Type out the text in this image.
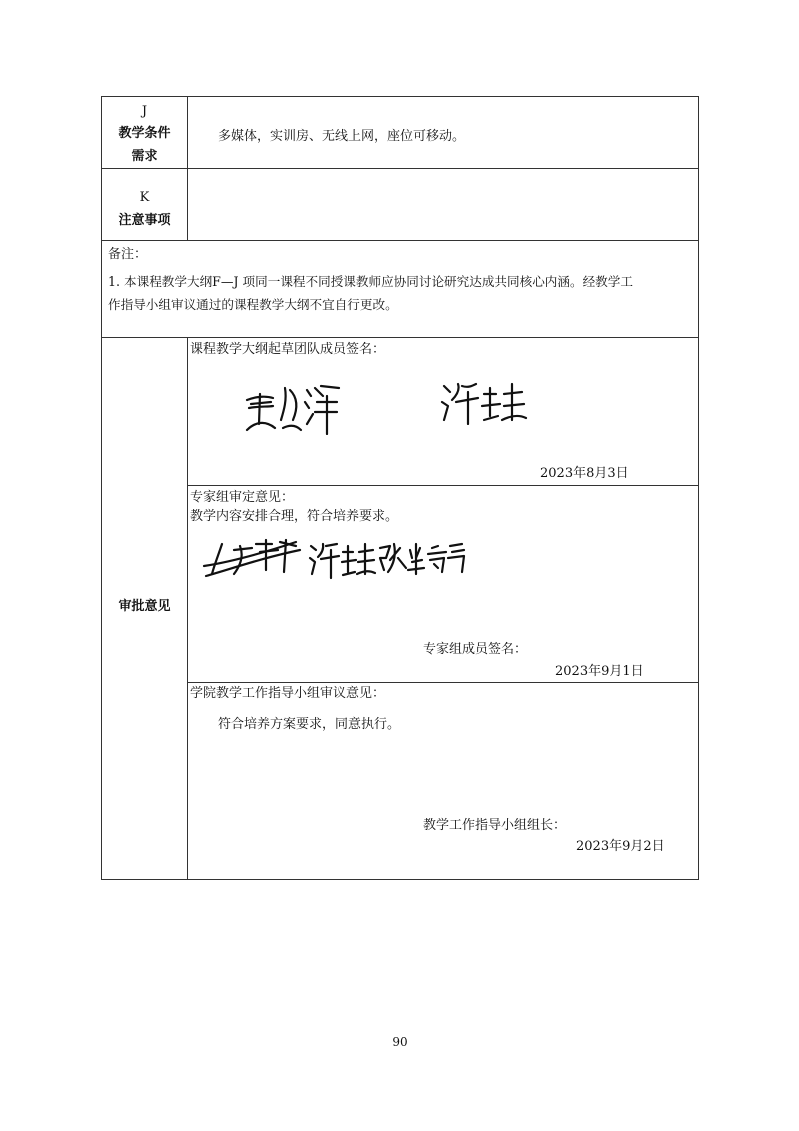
J
教学条件
需求
多媒体，实训房、无线上网，座位可移动。
K
注意事项
备注：
1. 本课程教学大纲F—J 项同一课程不同授课教师应协同讨论研究达成共同核心内涵。经教学工
作指导小组审议通过的课程教学大纲不宜自行更改。
审批意见
课程教学大纲起草团队成员签名：
2023年8月3日
专家组审定意见：
教学内容安排合理，符合培养要求。
专家组成员签名：
2023年9月1日
学院教学工作指导小组审议意见：
符合培养方案要求，同意执行。
教学工作指导小组组长：
2023年9月2日
90
